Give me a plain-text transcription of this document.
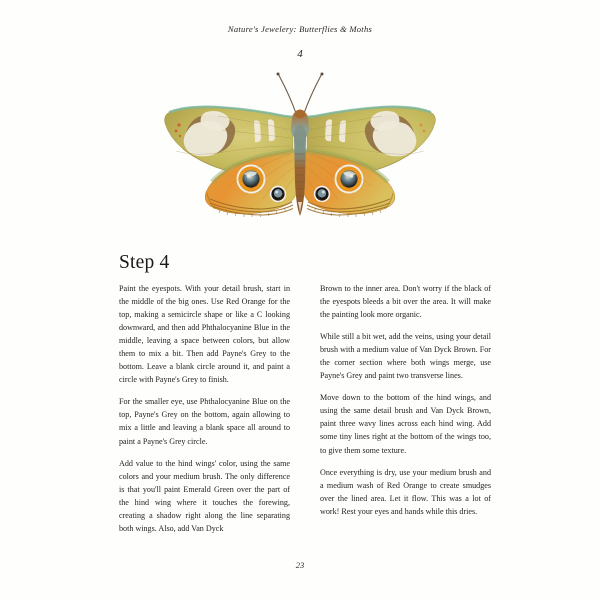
Nature's Jewelery: Butterflies & Moths
4
Step 4

Paint the eyespots. With your detail brush, start in the middle of the big ones. Use Red Orange for the top, making a semicircle shape or like a C looking downward, and then add Phthalocyanine Blue in the middle, leaving a space between colors, but allow them to mix a bit. Then add Payne's Grey to the bottom. Leave a blank circle around it, and paint a circle with Payne's Grey to finish.

For the smaller eye, use Phthalocyanine Blue on the top, Payne's Grey on the bottom, again allowing to mix a little and leaving a blank space all around to paint a Payne's Grey circle.

Add value to the hind wings' color, using the same colors and your medium brush. The only difference is that you'll paint Emerald Green over the part of the hind wing where it touches the forewing, creating a shadow right along the line separating both wings. Also, add Van Dyck

Brown to the inner area. Don't worry if the black of the eyespots bleeds a bit over the area. It will make the painting look more organic.

While still a bit wet, add the veins, using your detail brush with a medium value of Van Dyck Brown. For the corner section where both wings merge, use Payne's Grey and paint two transverse lines.

Move down to the bottom of the hind wings, and using the same detail brush and Van Dyck Brown, paint three wavy lines across each hind wing. Add some tiny lines right at the bottom of the wings too, to give them some texture.

Once everything is dry, use your medium brush and a medium wash of Red Orange to create smudges over the lined area. Let it flow. This was a lot of work! Rest your eyes and hands while this dries.

23
